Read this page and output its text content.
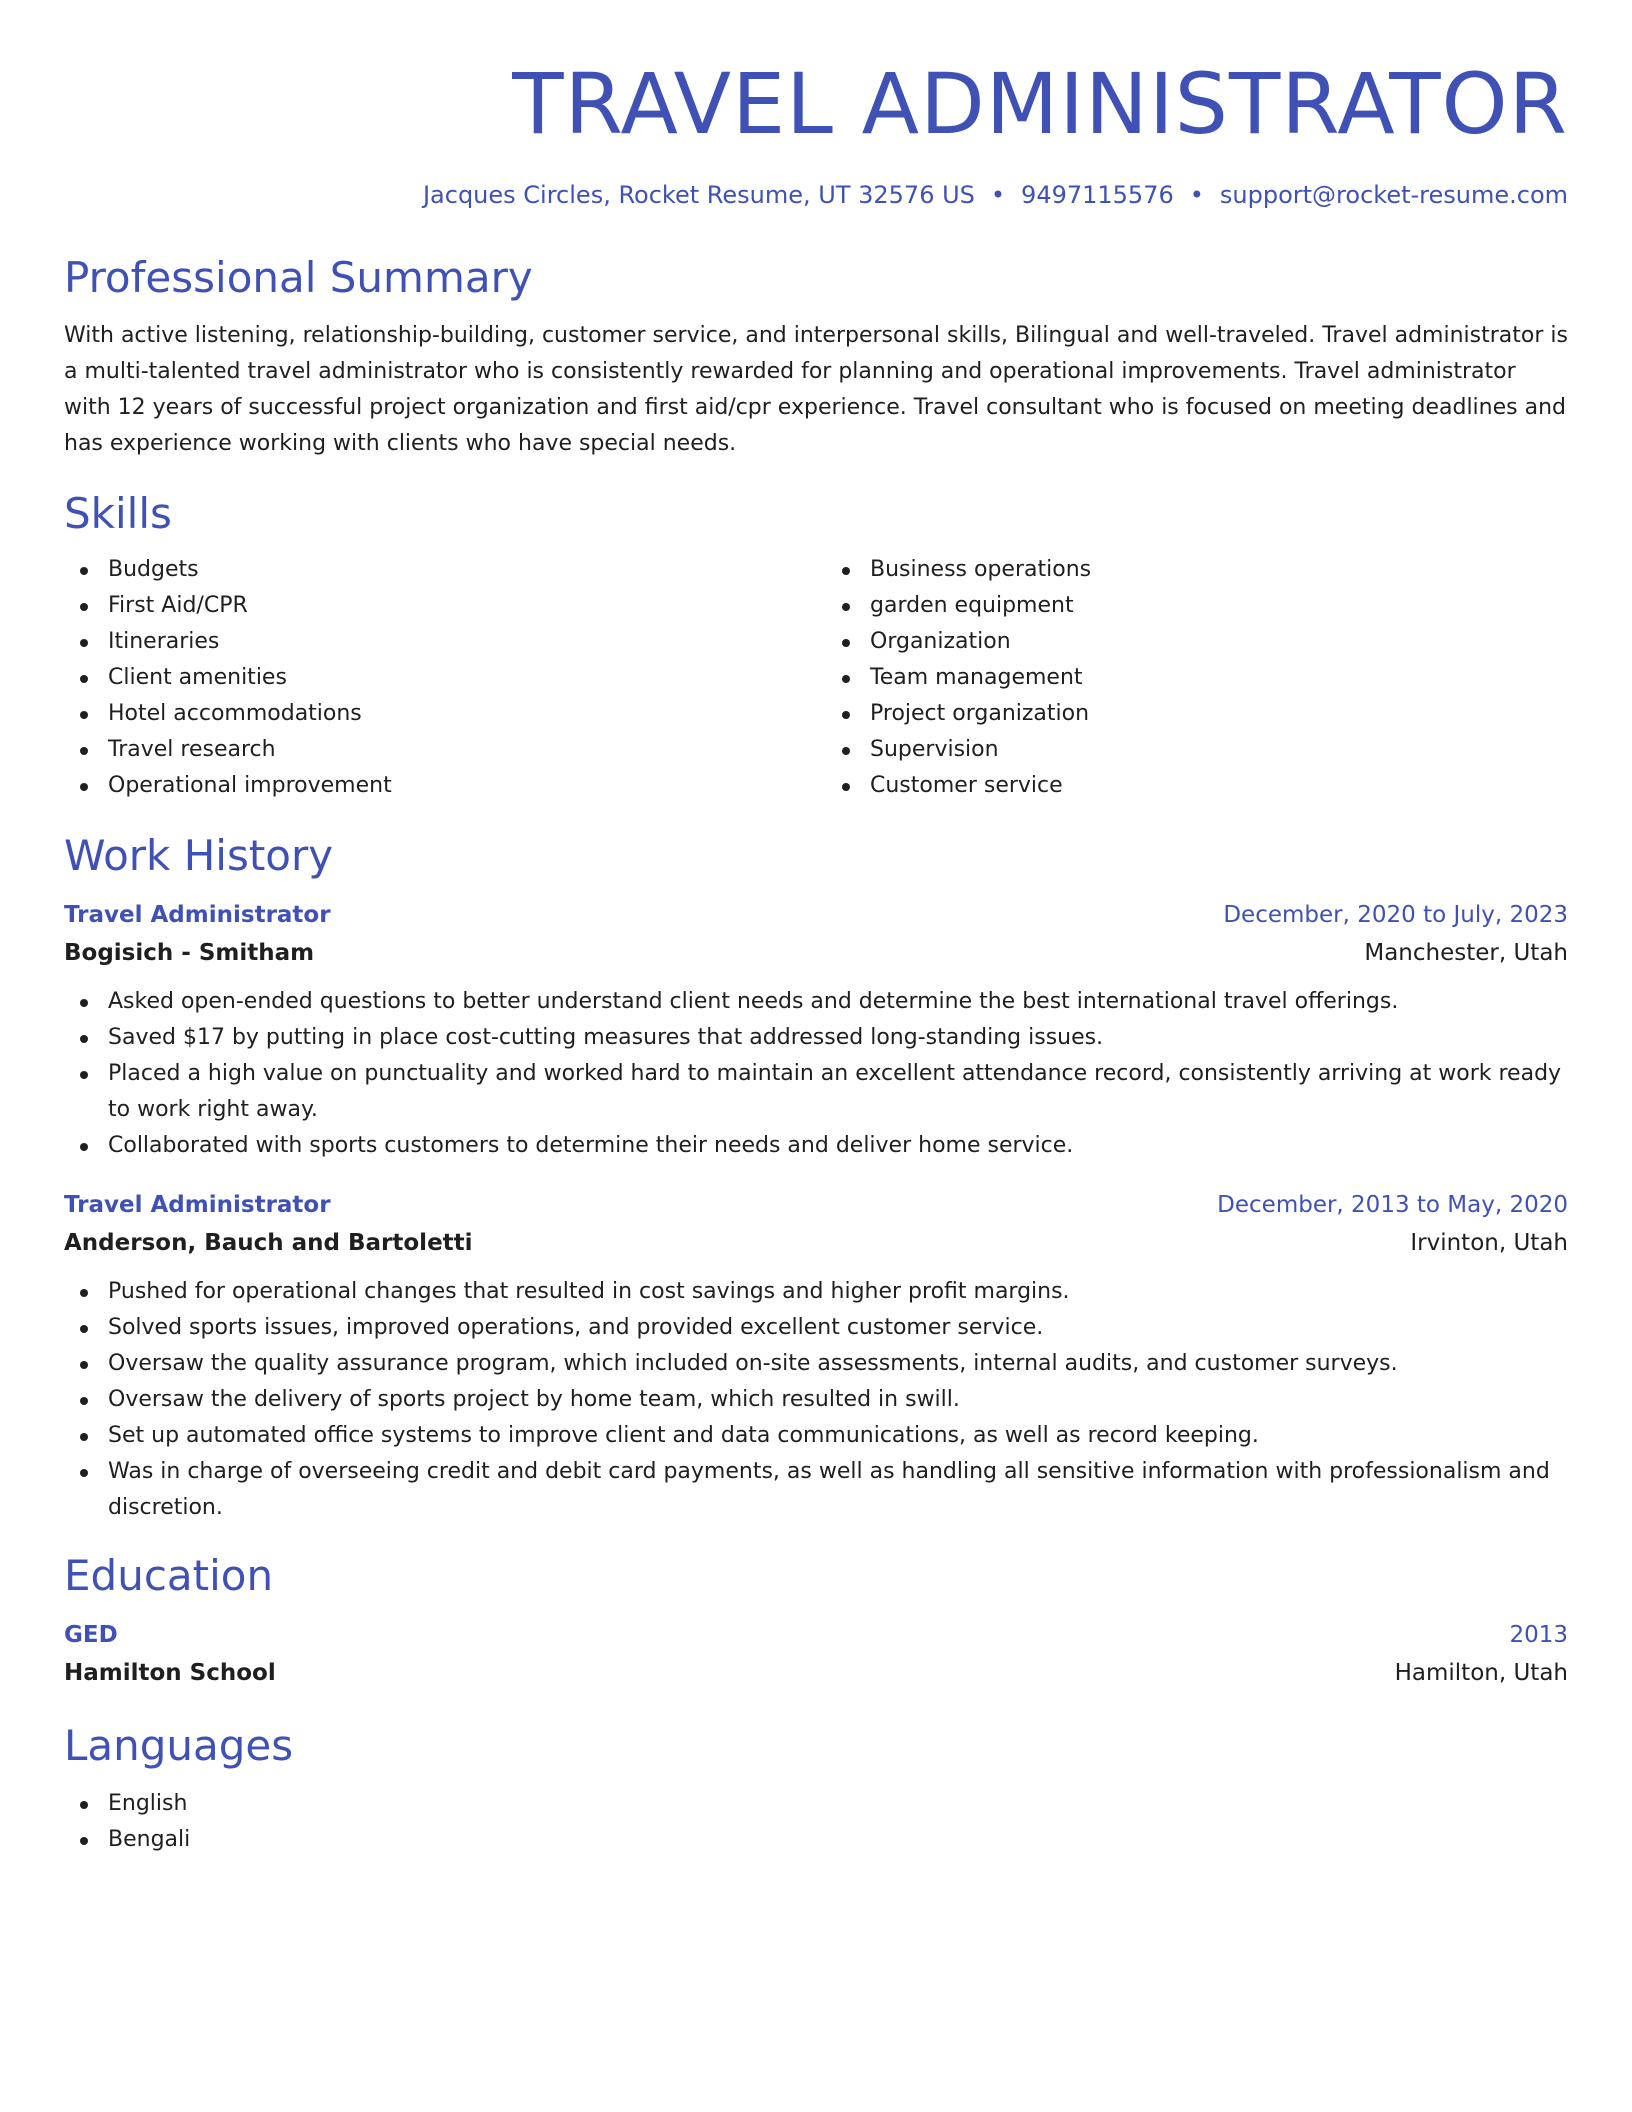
TRAVEL ADMINISTRATOR
Jacques Circles, Rocket Resume, UT 32576 US • 9497115576 • support@rocket-resume.com
Professional Summary

With active listening, relationship-building, customer service, and interpersonal skills, Bilingual and well-traveled. Travel administrator is a multi-talented travel administrator who is consistently rewarded for planning and operational improvements. Travel administrator with 12 years of successful project organization and first aid/cpr experience. Travel consultant who is focused on meeting deadlines and has experience working with clients who have special needs.

Skills
Budgets
First Aid/CPR
Itineraries
Client amenities
Hotel accommodations
Travel research
Operational improvement
Business operations
garden equipment
Organization
Team management
Project organization
Supervision
Customer service
Work History
Travel Administrator	December, 2020 to July, 2023
Bogisich - Smitham	Manchester, Utah
Asked open-ended questions to better understand client needs and determine the best international travel offerings.
Saved $17 by putting in place cost-cutting measures that addressed long-standing issues.
Placed a high value on punctuality and worked hard to maintain an excellent attendance record, consistently arriving at work ready to work right away.
Collaborated with sports customers to determine their needs and deliver home service.
Travel Administrator	December, 2013 to May, 2020
Anderson, Bauch and Bartoletti	Irvinton, Utah
Pushed for operational changes that resulted in cost savings and higher profit margins.
Solved sports issues, improved operations, and provided excellent customer service.
Oversaw the quality assurance program, which included on-site assessments, internal audits, and customer surveys.
Oversaw the delivery of sports project by home team, which resulted in swill.
Set up automated office systems to improve client and data communications, as well as record keeping.
Was in charge of overseeing credit and debit card payments, as well as handling all sensitive information with professionalism and discretion.
Education
GED	2013
Hamilton School	Hamilton, Utah
Languages
English
Bengali
